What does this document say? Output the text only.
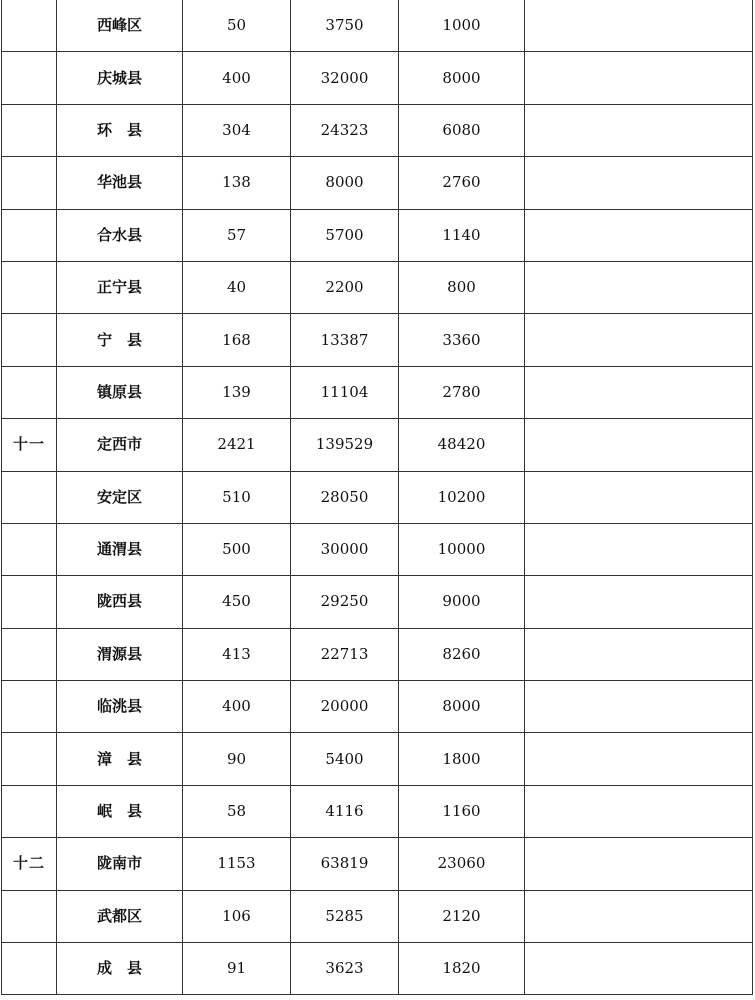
	西峰区	50	3750	1000	
	庆城县	400	32000	8000	
	环　县	304	24323	6080	
	华池县	138	8000	2760	
	合水县	57	5700	1140	
	正宁县	40	2200	800	
	宁　县	168	13387	3360	
	镇原县	139	11104	2780	
十一	定西市	2421	139529	48420	
	安定区	510	28050	10200	
	通渭县	500	30000	10000	
	陇西县	450	29250	9000	
	渭源县	413	22713	8260	
	临洮县	400	20000	8000	
	漳　县	90	5400	1800	
	岷　县	58	4116	1160	
十二	陇南市	1153	63819	23060	
	武都区	106	5285	2120	
	成　县	91	3623	1820	
